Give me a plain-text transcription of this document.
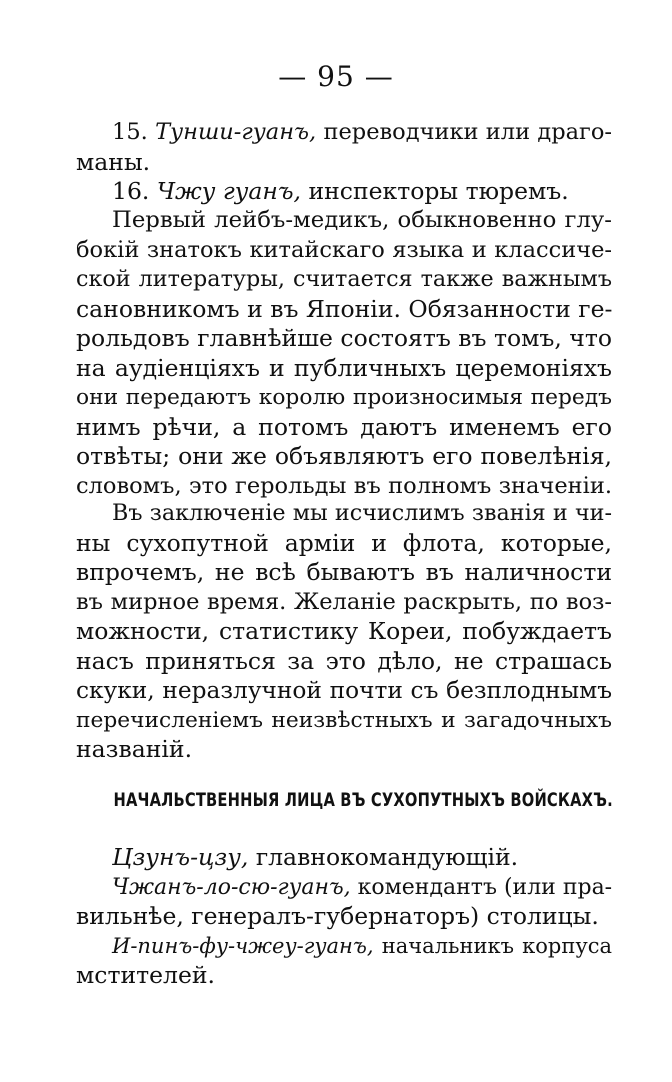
— 95 —
15. Тунши-гуанъ, переводчики или драго-
маны.
16. Чжу гуанъ, инспекторы тюремъ.
Первый лейбъ-медикъ, обыкновенно глу-
бокій знатокъ китайскаго языка и классиче-
ской литературы, считается также важнымъ
сановникомъ и въ Японіи. Обязанности ге-
рольдовъ главнѣйше состоятъ въ томъ, что
на аудіенціяхъ и публичныхъ церемоніяхъ
они передаютъ королю произносимыя передъ
нимъ рѣчи, а потомъ даютъ именемъ его
отвѣты; они же объявляютъ его повелѣнія,
словомъ, это герольды въ полномъ значеніи.
Въ заключеніе мы исчислимъ званія и чи-
ны сухопутной арміи и флота, которые,
впрочемъ, не всѣ бываютъ въ наличности
въ мирное время. Желаніе раскрыть, по воз-
можности, статистику Кореи, побуждаетъ
насъ приняться за это дѣло, не страшась
скуки, неразлучной почти съ безплоднымъ
перечисленіемъ неизвѣстныхъ и загадочныхъ
названій.
НАЧАЛЬСТВЕННЫЯ ЛИЦА ВЪ СУХОПУТНЫХЪ ВОЙСКАХЪ.
Цзунъ-цзу, главнокомандующій.
Чжанъ-ло-сю-гуанъ, комендантъ (или пра-
вильнѣе, генералъ-губернаторъ) столицы.
И-пинъ-фу-чжеу-гуанъ, начальникъ корпуса
мстителей.
